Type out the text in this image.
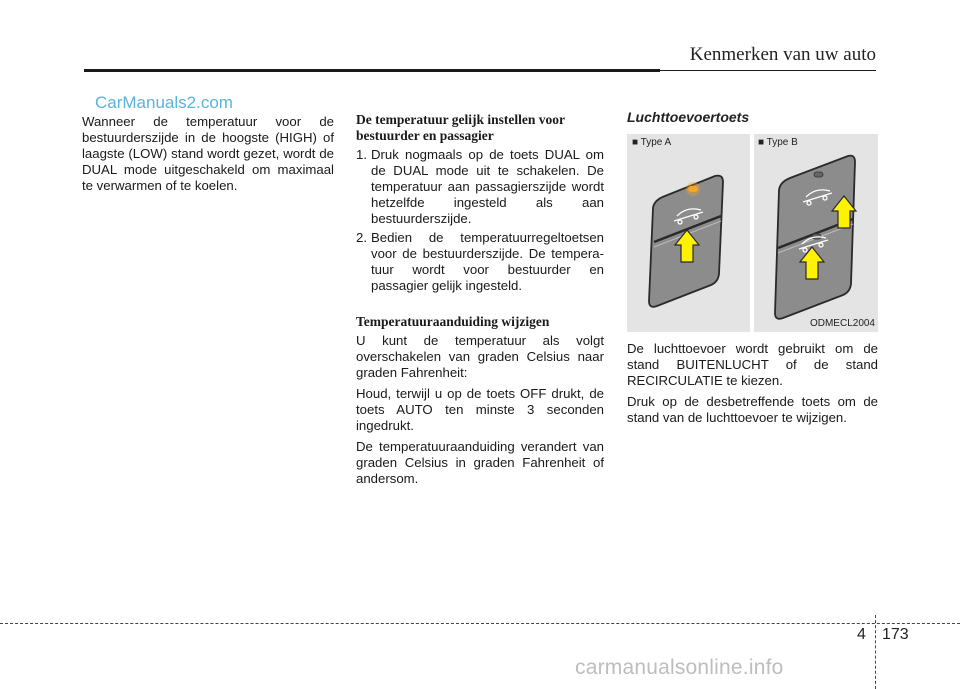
Kenmerken van uw auto
CarManuals2.com

Wanneer de temperatuur voor de bestuurderszijde in de hoogste (HIGH) of laagste (LOW) stand wordt gezet, wordt de DUAL mode uitgeschakeld om maximaal te verwarmen of te koelen.

De temperatuur gelijk instellen voor bestuurder en passagier
1. Druk nogmaals op de toets DUAL om de DUAL mode uit te schakelen. De temperatuur aan passagierszijde wordt hetzelfde ingesteld als aan bestuurderszijde.
2. Bedien de temperatuurregeltoetsen voor de bestuurderszijde. De tempera-tuur wordt voor bestuurder en passagier gelijk ingesteld.
Temperatuuraanduiding wijzigen

U kunt de temperatuur als volgt overschakelen van graden Celsius naar graden Fahrenheit:

Houd, terwijl u op de toets OFF drukt, de toets AUTO ten minste 3 seconden ingedrukt.

De temperatuuraanduiding verandert van graden Celsius in graden Fahrenheit of andersom.

Luchttoevoertoets
■ Type A	■ Type B
ODMECL2004

De luchttoevoer wordt gebruikt om de stand BUITENLUCHT of de stand RECIRCULATIE te kiezen.

Druk op de desbetreffende toets om de stand van de luchttoevoer te wijzigen.

4 173
carmanualsonline.info
